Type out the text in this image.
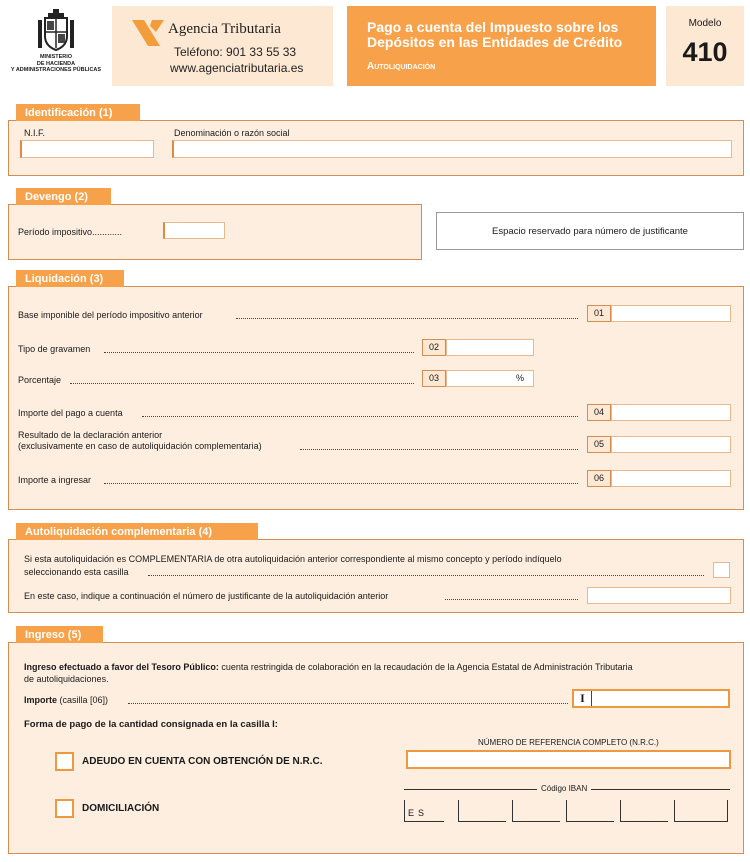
MINISTERIO
DE HACIENDA
Y ADMINISTRACIONES PÚBLICAS
Agencia Tributaria
Teléfono: 901 33 55 33
www.agenciatributaria.es
Pago a cuenta del Impuesto sobre los Depósitos en las Entidades de Crédito
Autoliquidación
Modelo
410
Identificación (1)
N.I.F.	Denominación o razón social
Devengo (2)
Período impositivo............	Espacio reservado para número de justificante
Liquidación (3)
Base imponible del período impositivo anterior	01
Tipo de gravamen	02
Porcentaje	03	%
Importe del pago a cuenta	04
Resultado de la declaración anterior
(exclusivamente en caso de autoliquidación complementaria)	05
Importe a ingresar	06
Autoliquidación complementaria (4)
Si esta autoliquidación es COMPLEMENTARIA de otra autoliquidación anterior correspondiente al mismo concepto y período indíquelo
seleccionando esta casilla
En este caso, indique a continuación el número de justificante de la autoliquidación anterior
Ingreso (5)
Ingreso efectuado a favor del Tesoro Público: cuenta restringida de colaboración en la recaudación de la Agencia Estatal de Administración Tributaria
de autoliquidaciones.
Importe (casilla [06])	I
Forma de pago de la cantidad consignada en la casilla I:
ADEUDO EN CUENTA CON OBTENCIÓN DE N.R.C.
NÚMERO DE REFERENCIA COMPLETO (N.R.C.)
DOMICILIACIÓN
Código IBAN
ES
